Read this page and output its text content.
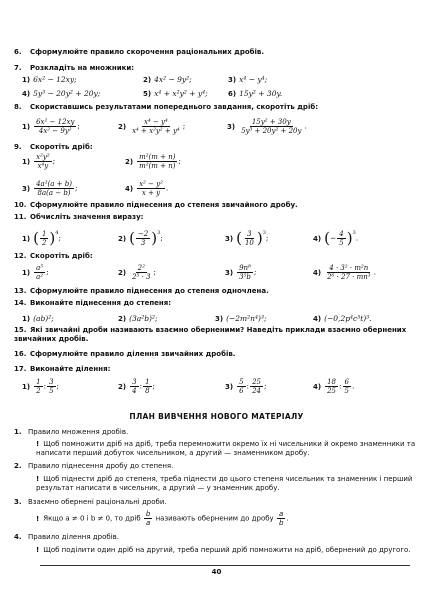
6. Сформулюйте правило скорочення раціональних дробів.
7. Розкладіть на множники:
1) 6x² − 12xy;	2) 4x² − 9y²;	3) x⁴ − y⁴;
4) 5y³ − 20y² + 20y;	5) x⁴ + x²y² + y⁴;	6) 15y² + 30y.
8. Скориставшись результатами попереднього завдання, скоротіть дріб:
$1) \frac{\text{6x² − 12xy}}{\text{4x² − 9y²}}$ ;	$2) \frac{\text{x⁴ − y⁴}}{\text{x⁴ + x²y² + y⁴}}$ ;	$3) \frac{\text{15y² + 30y}}{\text{5y³ + 20y² + 20y}}$ .
9. Скоротіть дріб:
$1) \frac{\text{x²y²}}{\text{x⁴y}}$ ;	$2) \frac{\text{m²(m + n)}}{\text{m²(m + n)}}$ ;
$3) \frac{\text{4a²(a + b)}}{8a(a - b)}$ ;	$4) \frac{\text{x² − y²}}{x + y}$ .
10. Сформулюйте правило піднесення до степеня звичайного дробу.
11. Обчисліть значення виразу:
1) ( $\frac{1}{2} )^4$;	2) ( $\frac{-2}{3} )^3$;	3) ( $\frac{3}{10} )^3$;	4) (− $\frac{4}{5} )^3$.
12. Скоротіть дріб:
$1) \frac{\text{a⁵}}{\text{a²}}$ ;	$2) \frac{\text{2²}}{\text{2⁵ · 3}}$ ;	$3) \frac{\text{9n⁸}}{\text{3⁵b}}$ ;	$4) \frac{\text{4 · 3² · m²n}}{\text{2⁶ · 27 · mn³}}$ .
13. Сформулюйте правило піднесення до степеня одночлена.
14. Виконайте піднесення до степеня:
1) (ab)²;	2) (3a²b)²;	3) (−2m²n⁴)³;	4) (−0,2p⁴c⁵t)³.
15. Які звичайні дроби називають взаємно оберненими? Наведіть приклади взаємно обернених звичайних дробів.
16. Сформулюйте правило ділення звичайних дробів.
17. Виконайте ділення:
$1) \frac{1}{2}$ : $\frac{3}{5}$ ;	$2) \frac{3}{4}$ : $\frac{1}{8}$ ;	$3) \frac{5}{6}$ : $\frac{25}{24}$ ;	$4) \frac{18}{25}$ : $\frac{6}{5}$ .
ПЛАН ВИВЧЕННЯ НОВОГО МАТЕРІАЛУ
1. Правило множення дробів.
! Щоб помножити дріб на дріб, треба перемножити окремо їх ні чисельники й окремо знаменники та написати перший добуток чисельником, а другий — знаменником дробу.
2. Правило піднесення дробу до степеня.
! Щоб піднести дріб до степеня, треба піднести до цього степеня чисельник та знаменник і перший результат написати в чисельник, а другий — у знаменник дробу.
3. Взаємно обернені раціональні дроби.
! Якщо a ≠ 0 і b ≠ 0, то дріб $\frac{b}{a}$ називають оберненим до дробу $\frac{a}{b}$ .
4. Правило ділення дробів.
! Щоб поділити один дріб на другий, треба перший дріб помножити на дріб, обернений до другого.
40
